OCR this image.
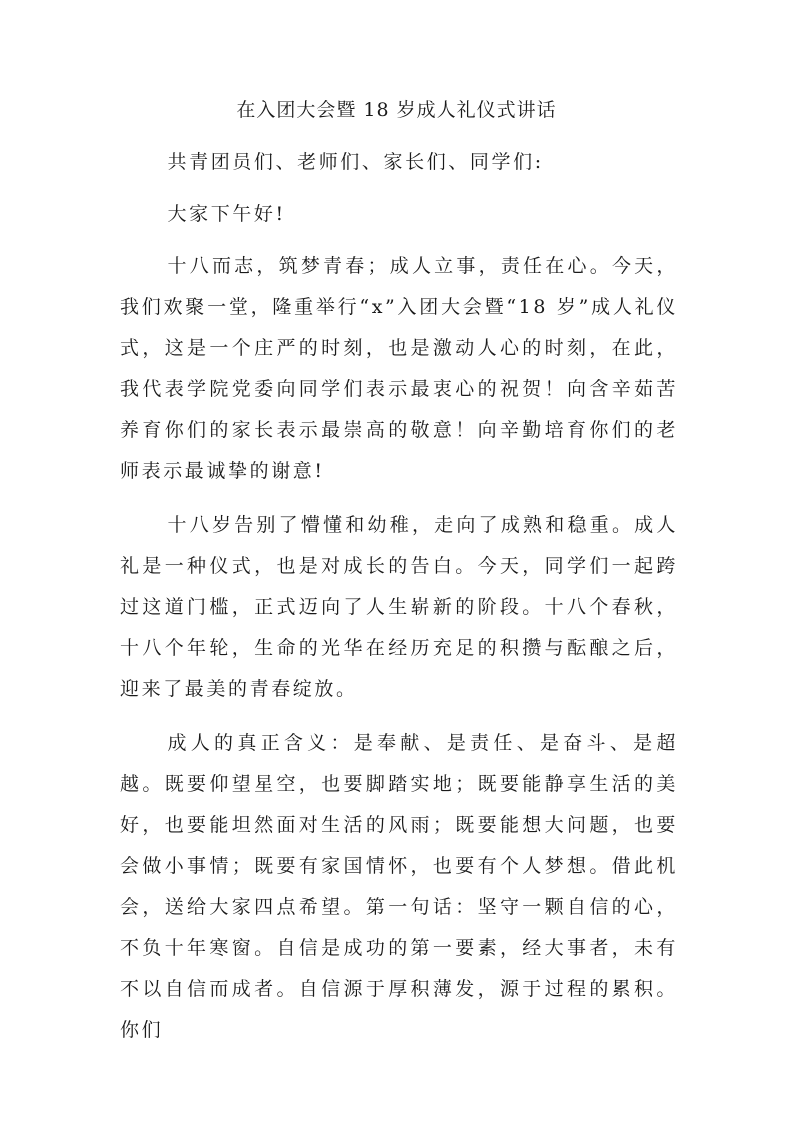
在入团大会暨 18 岁成人礼仪式讲话

共青团员们、老师们、家长们、同学们:

大家下午好!

十八而志，筑梦青春；成人立事，责任在心。今天，我们欢聚一堂，隆重举行“x”入团大会暨“18 岁”成人礼仪式，这是一个庄严的时刻，也是激动人心的时刻，在此，我代表学院党委向同学们表示最衷心的祝贺！向含辛茹苦养育你们的家长表示最崇高的敬意！向辛勤培育你们的老师表示最诚挚的谢意!

十八岁告别了懵懂和幼稚，走向了成熟和稳重。成人礼是一种仪式，也是对成长的告白。今天，同学们一起跨过这道门槛，正式迈向了人生崭新的阶段。十八个春秋，十八个年轮，生命的光华在经历充足的积攒与酝酿之后，迎来了最美的青春绽放。

成人的真正含义：是奉献、是责任、是奋斗、是超越。既要仰望星空，也要脚踏实地；既要能静享生活的美好，也要能坦然面对生活的风雨；既要能想大问题，也要会做小事情；既要有家国情怀，也要有个人梦想。借此机会，送给大家四点希望。第一句话：坚守一颗自信的心，不负十年寒窗。自信是成功的第一要素，经大事者，未有不以自信而成者。自信源于厚积薄发，源于过程的累积。你们
